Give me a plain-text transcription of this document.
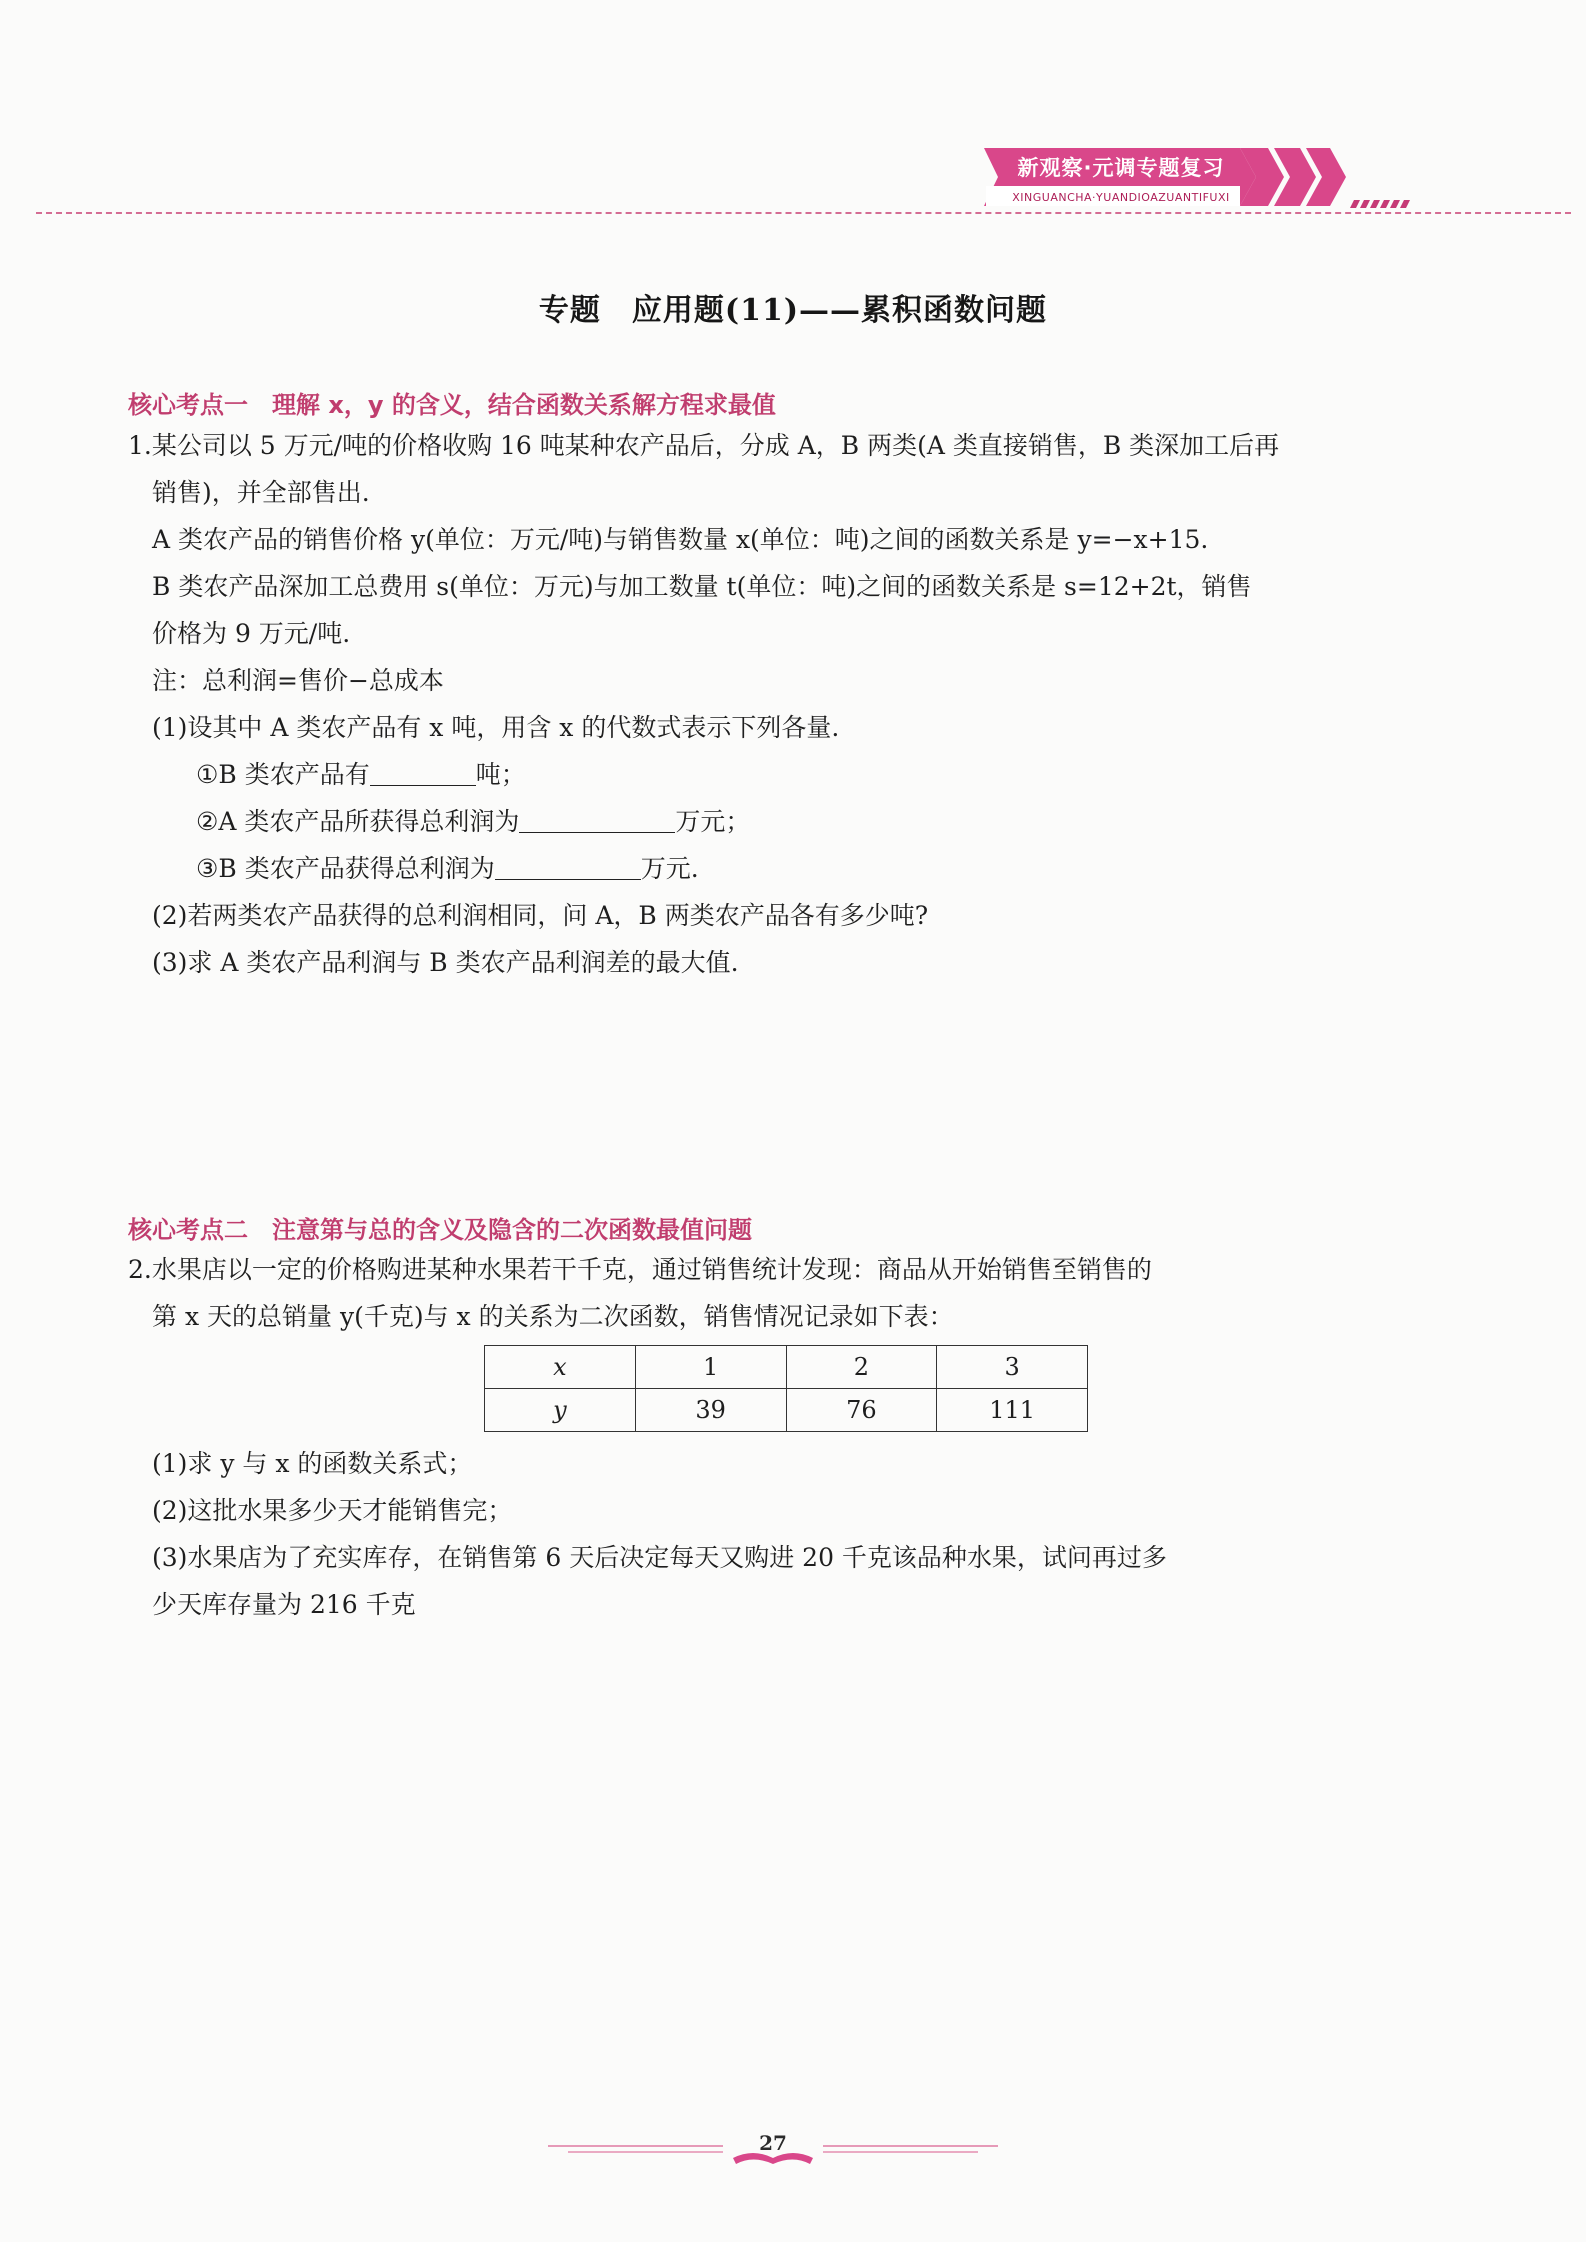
新观察·元调专题复习
XINGUANCHA·YUANDIOAZUANTIFUXI
专题　应用题(11)——累积函数问题
核心考点一　理解 x，y 的含义，结合函数关系解方程求最值
1.某公司以 5 万元/吨的价格收购 16 吨某种农产品后，分成 A，B 两类(A 类直接销售，B 类深加工后再
销售)，并全部售出.
A 类农产品的销售价格 y(单位：万元/吨)与销售数量 x(单位：吨)之间的函数关系是 y=−x+15.
B 类农产品深加工总费用 s(单位：万元)与加工数量 t(单位：吨)之间的函数关系是 s=12+2t，销售
价格为 9 万元/吨.
注：总利润=售价−总成本
(1)设其中 A 类农产品有 x 吨，用含 x 的代数式表示下列各量.
①B 类农产品有	吨；
②A 类农产品所获得总利润为	万元；
③B 类农产品获得总利润为	万元.
(2)若两类农产品获得的总利润相同，问 A，B 两类农产品各有多少吨?
(3)求 A 类农产品利润与 B 类农产品利润差的最大值.
核心考点二　注意第与总的含义及隐含的二次函数最值问题
2.水果店以一定的价格购进某种水果若干千克，通过销售统计发现：商品从开始销售至销售的
第 x 天的总销量 y(千克)与 x 的关系为二次函数，销售情况记录如下表：
x	1	2	3
y	39	76	111
(1)求 y 与 x 的函数关系式；
(2)这批水果多少天才能销售完；
(3)水果店为了充实库存，在销售第 6 天后决定每天又购进 20 千克该品种水果，试问再过多
少天库存量为 216 千克
27
